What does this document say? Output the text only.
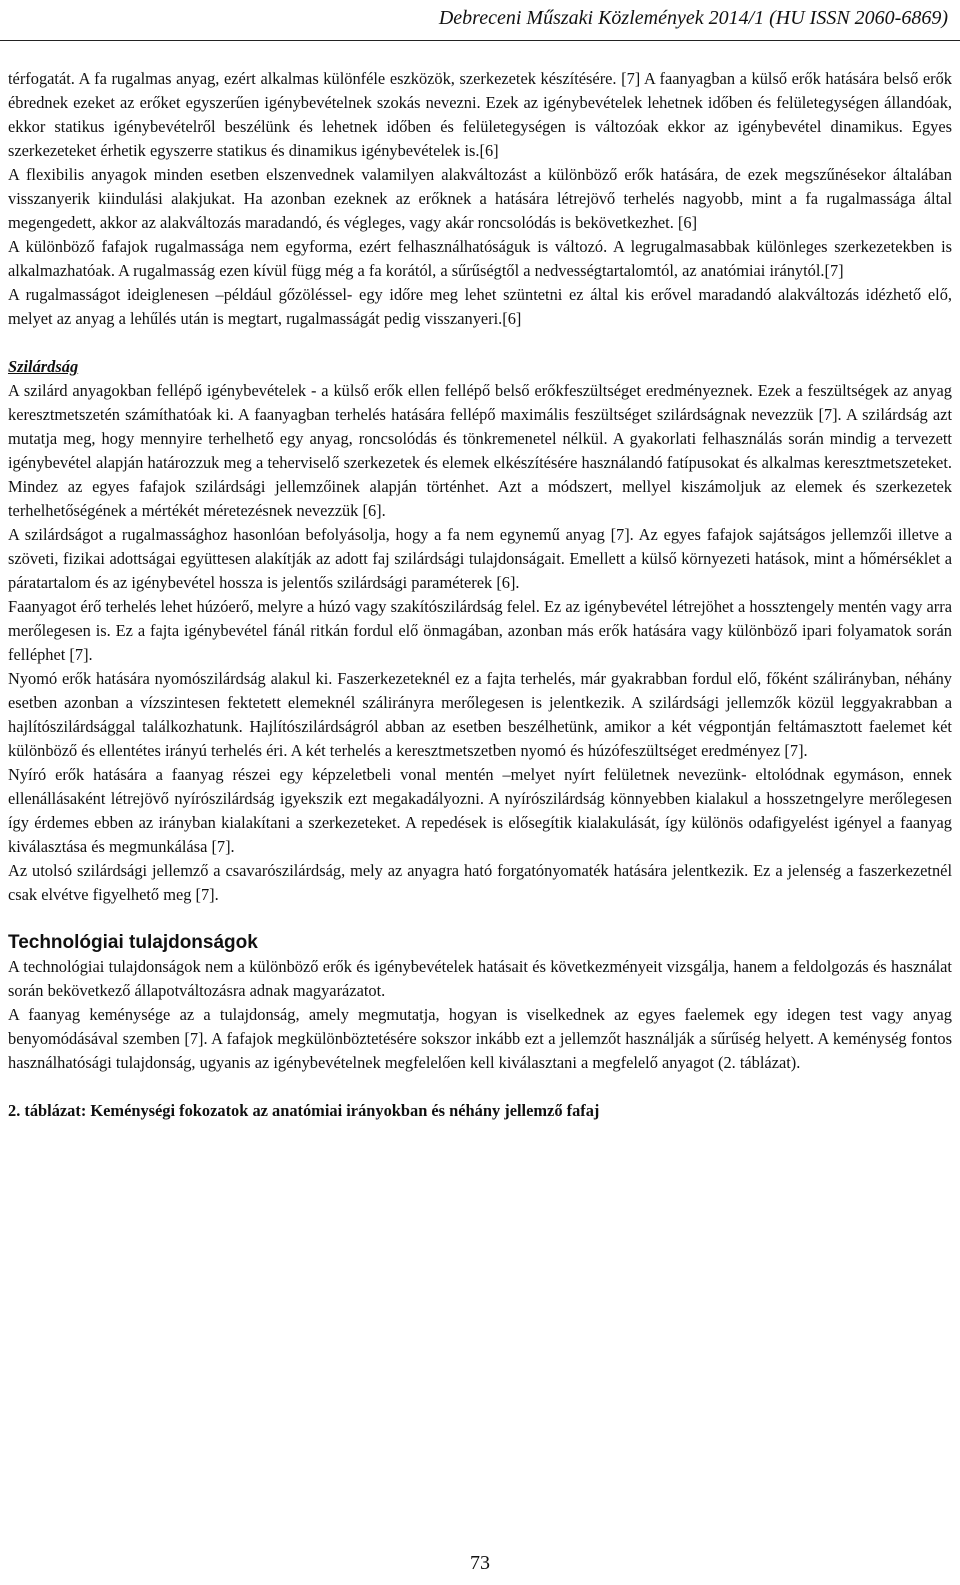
Debreceni Műszaki Közlemények 2014/1 (HU ISSN 2060-6869)

térfogatát. A fa rugalmas anyag, ezért alkalmas különféle eszközök, szerkezetek készítésére. [7] A faanyagban a külső erők hatására belső erők ébrednek ezeket az erőket egyszerűen igénybevételnek szokás nevezni. Ezek az igénybevételek lehetnek időben és felületegységen állandóak, ekkor statikus igénybevételről beszélünk és lehetnek időben és felületegységen is változóak ekkor az igénybevétel dinamikus. Egyes szerkezeteket érhetik egyszerre statikus és dinamikus igénybevételek is.[6]

A flexibilis anyagok minden esetben elszenvednek valamilyen alakváltozást a különböző erők hatására, de ezek megszűnésekor általában visszanyerik kiindulási alakjukat. Ha azonban ezeknek az erőknek a hatására létrejövő terhelés nagyobb, mint a fa rugalmassága által megengedett, akkor az alakváltozás maradandó, és végleges, vagy akár roncsolódás is bekövetkezhet. [6]

A különböző fafajok rugalmassága nem egyforma, ezért felhasználhatóságuk is változó. A legrugalmasabbak különleges szerkezetekben is alkalmazhatóak. A rugalmasság ezen kívül függ még a fa korától, a sűrűségtől a nedvességtartalomtól, az anatómiai iránytól.[7]

A rugalmasságot ideiglenesen –például gőzöléssel- egy időre meg lehet szüntetni ez által kis erővel maradandó alakváltozás idézhető elő, melyet az anyag a lehűlés után is megtart, rugalmasságát pedig visszanyeri.[6]

Szilárdság

A szilárd anyagokban fellépő igénybevételek - a külső erők ellen fellépő belső erőkfeszültséget eredményeznek. Ezek a feszültségek az anyag keresztmetszetén számíthatóak ki. A faanyagban terhelés hatására fellépő maximális feszültséget szilárdságnak nevezzük [7]. A szilárdság azt mutatja meg, hogy mennyire terhelhető egy anyag, roncsolódás és tönkremenetel nélkül. A gyakorlati felhasználás során mindig a tervezett igénybevétel alapján határozzuk meg a teherviselő szerkezetek és elemek elkészítésére használandó fatípusokat és alkalmas keresztmetszeteket. Mindez az egyes fafajok szilárdsági jellemzőinek alapján történhet. Azt a módszert, mellyel kiszámoljuk az elemek és szerkezetek terhelhetőségének a mértékét méretezésnek nevezzük [6].

A szilárdságot a rugalmassághoz hasonlóan befolyásolja, hogy a fa nem egynemű anyag [7]. Az egyes fafajok sajátságos jellemzői illetve a szöveti, fizikai adottságai együttesen alakítják az adott faj szilárdsági tulajdonságait. Emellett a külső környezeti hatások, mint a hőmérséklet a páratartalom és az igénybevétel hossza is jelentős szilárdsági paraméterek [6].

Faanyagot érő terhelés lehet húzóerő, melyre a húzó vagy szakítószilárdság felel. Ez az igénybevétel létrejöhet a hossztengely mentén vagy arra merőlegesen is. Ez a fajta igénybevétel fánál ritkán fordul elő önmagában, azonban más erők hatására vagy különböző ipari folyamatok során felléphet [7].

Nyomó erők hatására nyomószilárdság alakul ki. Faszerkezeteknél ez a fajta terhelés, már gyakrabban fordul elő, főként szálirányban, néhány esetben azonban a vízszintesen fektetett elemeknél szálirányra merőlegesen is jelentkezik. A szilárdsági jellemzők közül leggyakrabban a hajlítószilárdsággal találkozhatunk. Hajlítószilárdságról abban az esetben beszélhetünk, amikor a két végpontján feltámasztott faelemet két különböző és ellentétes irányú terhelés éri. A két terhelés a keresztmetszetben nyomó és húzófeszültséget eredményez [7].

Nyíró erők hatására a faanyag részei egy képzeletbeli vonal mentén –melyet nyírt felületnek nevezünk- eltolódnak egymáson, ennek ellenállásaként létrejövő nyírószilárdság igyekszik ezt megakadályozni. A nyírószilárdság könnyebben kialakul a hosszetngelyre merőlegesen így érdemes ebben az irányban kialakítani a szerkezeteket. A repedések is elősegítik kialakulását, így különös odafigyelést igényel a faanyag kiválasztása és megmunkálása [7].

Az utolsó szilárdsági jellemző a csavarószilárdság, mely az anyagra ható forgatónyomaték hatására jelentkezik. Ez a jelenség a faszerkezetnél csak elvétve figyelhető meg [7].

Technológiai tulajdonságok

A technológiai tulajdonságok nem a különböző erők és igénybevételek hatásait és következményeit vizsgálja, hanem a feldolgozás és használat során bekövetkező állapotváltozásra adnak magyarázatot.

A faanyag keménysége az a tulajdonság, amely megmutatja, hogyan is viselkednek az egyes faelemek egy idegen test vagy anyag benyomódásával szemben [7]. A fafajok megkülönböztetésére sokszor inkább ezt a jellemzőt használják a sűrűség helyett. A keménység fontos használhatósági tulajdonság, ugyanis az igénybevételnek megfelelően kell kiválasztani a megfelelő anyagot (2. táblázat).

2. táblázat: Keménységi fokozatok az anatómiai irányokban és néhány jellemző fafaj

73
